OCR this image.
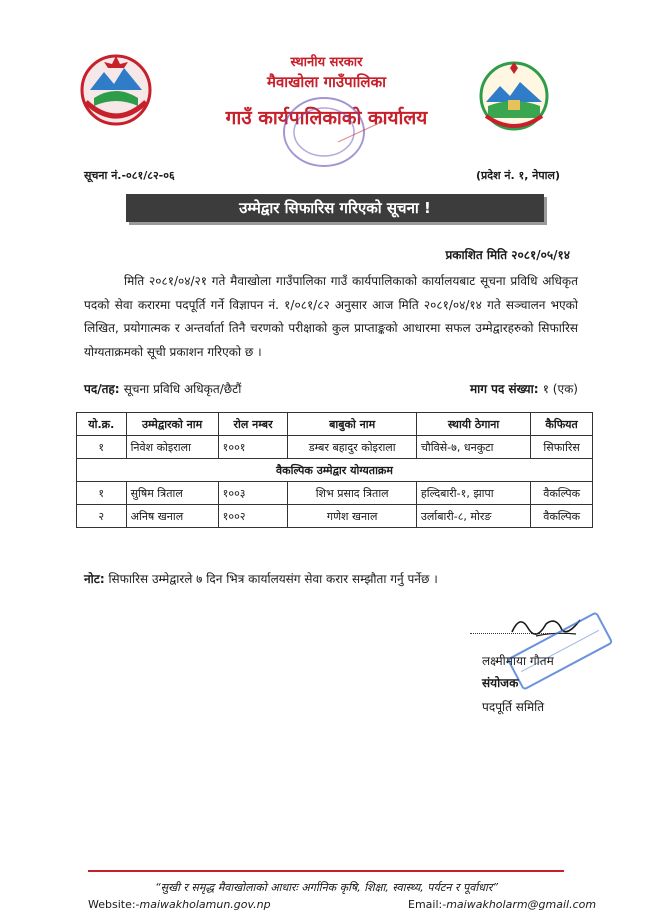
स्थानीय सरकार
मैवाखोला गाउँपालिका
गाउँ कार्यपालिकाको कार्यालय
सूचना नं.-०८१/८२-०६	(प्रदेश नं. १, नेपाल)
उम्मेद्वार सिफारिस गरिएको सूचना !
प्रकाशित मिति २०८१/०५/१४
मिति २०८१/०४/२१ गते मैवाखोला गाउँपालिका गाउँ कार्यपालिकाको कार्यालयबाट सूचना प्रविधि अधिकृत पदको सेवा करारमा पदपूर्ति गर्ने विज्ञापन नं. १/०८१/८२ अनुसार आज मिति २०८१/०४/१४ गते सञ्चालन भएको लिखित, प्रयोगात्मक र अन्तर्वार्ता तिनै चरणको परीक्षाको कुल प्राप्ताङ्कको आधारमा सफल उम्मेद्वारहरुको सिफारिस योग्यताक्रमको सूची प्रकाशन गरिएको छ ।
पद/तह: सूचना प्रविधि अधिकृत/छैटौं	माग पद संख्या: १ (एक)
यो.क्र.	उम्मेद्वारको नाम	रोल नम्बर	बाबुको नाम	स्थायी ठेगाना	कैफियत
१	निवेश कोइराला	१००१	डम्बर बहादुर कोइराला	चौविसे-७, धनकुटा	सिफारिस
वैकल्पिक उम्मेद्वार योग्यताक्रम					
१	सुषिम त्रिताल	१००३	शिभ प्रसाद त्रिताल	हल्दिबारी-१, झापा	वैकल्पिक
२	अनिष खनाल	१००२	गणेश खनाल	उर्लाबारी-८, मोरङ	वैकल्पिक
नोट: सिफारिस उम्मेद्वारले ७ दिन भित्र कार्यालयसंग सेवा करार सम्झौता गर्नु पर्नेछ ।
लक्ष्मीमाया गौतम
संयोजक
पदपूर्ति समिति
“सुखी र समृद्ध मैवाखोलाको आधारः अर्गानिक कृषि, शिक्षा, स्वास्थ्य, पर्यटन र पूर्वाधार”
Website:-maiwakholamun.gov.np	Email:-maiwakholarm@gmail.com
